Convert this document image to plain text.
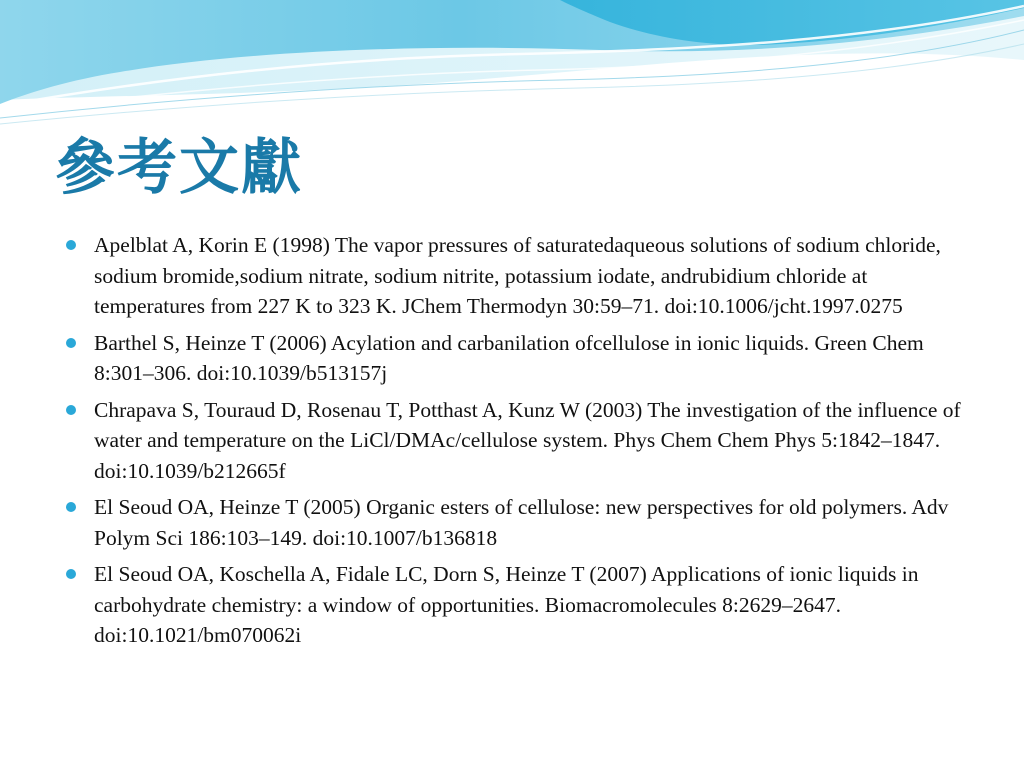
參考文獻
Apelblat A, Korin E (1998) The vapor pressures of saturatedaqueous solutions of sodium chloride, sodium bromide,sodium nitrate, sodium nitrite, potassium iodate, andrubidium chloride at temperatures from 227 K to 323 K. JChem Thermodyn 30:59–71. doi:10.1006/jcht.1997.0275
Barthel S, Heinze T (2006) Acylation and carbanilation ofcellulose in ionic liquids. Green Chem 8:301–306. doi:10.1039/b513157j
Chrapava S, Touraud D, Rosenau T, Potthast A, Kunz W (2003) The investigation of the influence of water and temperature on the LiCl/DMAc/cellulose system. Phys Chem Chem Phys 5:1842–1847. doi:10.1039/b212665f
El Seoud OA, Heinze T (2005) Organic esters of cellulose: new perspectives for old polymers. Adv Polym Sci 186:103–149. doi:10.1007/b136818
El Seoud OA, Koschella A, Fidale LC, Dorn S, Heinze T (2007) Applications of ionic liquids in carbohydrate chemistry: a window of opportunities. Biomacromolecules 8:2629–2647. doi:10.1021/bm070062i
